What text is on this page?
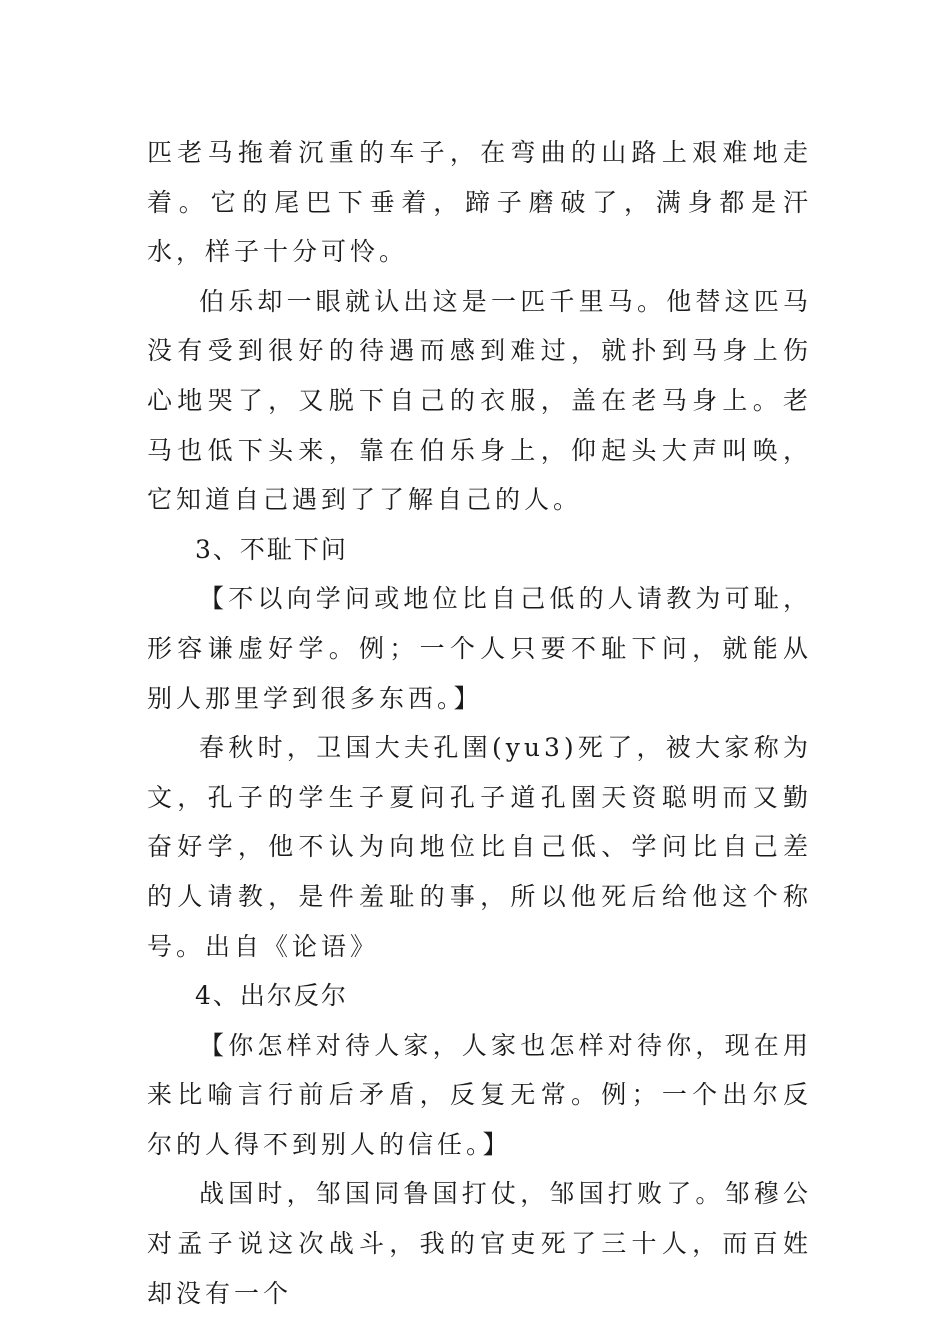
匹老马拖着沉重的车子，在弯曲的山路上艰难地走着。它的尾巴下垂着，蹄子磨破了，满身都是汗水，样子十分可怜。

伯乐却一眼就认出这是一匹千里马。他替这匹马没有受到很好的待遇而感到难过，就扑到马身上伤心地哭了，又脱下自己的衣服，盖在老马身上。老马也低下头来，靠在伯乐身上，仰起头大声叫唤，它知道自己遇到了了解自己的人。

3、不耻下问

【不以向学问或地位比自己低的人请教为可耻，形容谦虚好学。例；一个人只要不耻下问，就能从别人那里学到很多东西。】

春秋时，卫国大夫孔圉(yu3)死了，被大家称为文，孔子的学生子夏问孔子道孔圉天资聪明而又勤奋好学，他不认为向地位比自己低、学问比自己差的人请教，是件羞耻的事，所以他死后给他这个称号。出自《论语》

4、出尔反尔

【你怎样对待人家，人家也怎样对待你，现在用来比喻言行前后矛盾，反复无常。例；一个出尔反尔的人得不到别人的信任。】

战国时，邹国同鲁国打仗，邹国打败了。邹穆公对孟子说这次战斗，我的官吏死了三十人，而百姓却没有一个
